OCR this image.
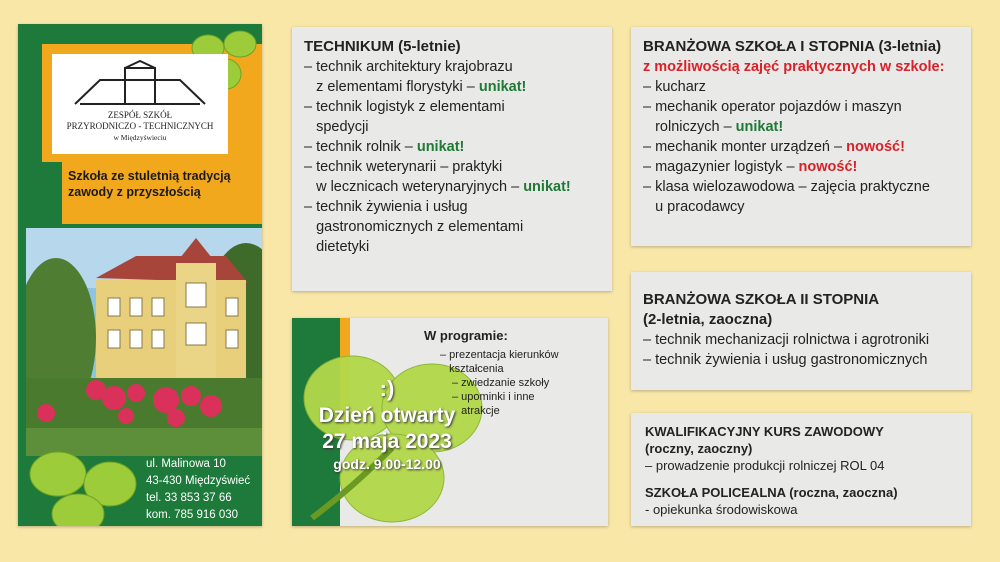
ZESPÓŁ SZKÓŁ
PRZYRODNICZO - TECHNICZNYCH
w Międzyświeciu
Szkoła ze stuletnią tradycją
zawody z przyszłością
ul. Malinowa 10
43-430 Międzyświeć
tel. 33 853 37 66
kom. 785 916 030
TECHNIKUM (5-letnie)
– technik architektury krajobrazu
z elementami florystyki – unikat!
– technik logistyk z elementami
spedycji
– technik rolnik – unikat!
– technik weterynarii – praktyki
w lecznicach weterynaryjnych – unikat!
– technik żywienia i usług
gastronomicznych z elementami
dietetyki
W programie:
– prezentacja kierunków
kształcenia
– zwiedzanie szkoły
– upominki i inne
atrakcje
:)
Dzień otwarty
27 maja 2023
godz. 9.00-12.00
BRANŻOWA SZKOŁA I STOPNIA (3-letnia)
z możliwością zajęć praktycznych w szkole:
– kucharz
– mechanik operator pojazdów i maszyn
rolniczych – unikat!
– mechanik monter urządzeń – nowość!
– magazynier logistyk – nowość!
– klasa wielozawodowa – zajęcia praktyczne
u pracodawcy
BRANŻOWA SZKOŁA II STOPNIA
(2-letnia, zaoczna)
– technik mechanizacji rolnictwa i agrotroniki
– technik żywienia i usług gastronomicznych
KWALIFIKACYJNY KURS ZAWODOWY
(roczny, zaoczny)
– prowadzenie produkcji rolniczej ROL 04
SZKOŁA POLICEALNA (roczna, zaoczna)
- opiekunka środowiskowa
